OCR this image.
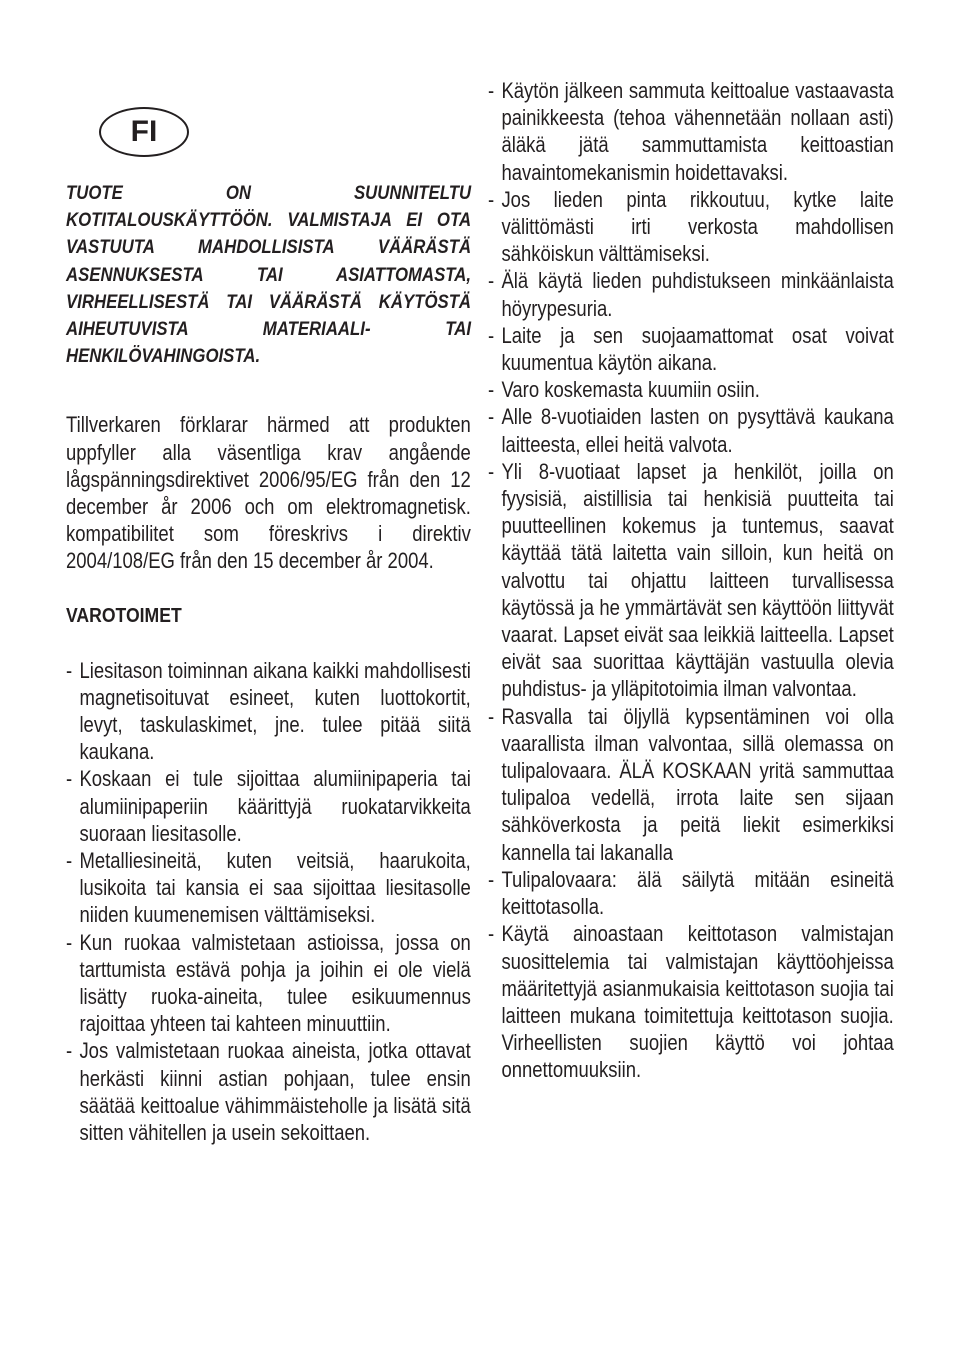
FI

TUOTE ON SUUNNITELTU KOTITALOUSKÄYTTÖÖN. VALMISTAJA EI OTA VASTUUTA MAHDOLLISISTA VÄÄRÄSTÄ ASENNUKSESTA TAI ASIATTOMASTA, VIRHEELLISESTÄ TAI VÄÄRÄSTÄ KÄYTÖSTÄ AIHEUTUVISTA MATERIAALI- TAI HENKILÖVAHINGOISTA.

Tillverkaren förklarar härmed att produkten uppfyller alla väsentliga krav angående lågspänningsdirektivet 2006/95/EG från den 12 december år 2006 och om elektromagnetisk. kompatibilitet som föreskrivs i direktiv 2004/108/EG från den 15 december år 2004.

VAROTOIMET
- Liesitason toiminnan aikana kaikki mahdollisesti magnetisoituvat esineet, kuten luottokortit, levyt, taskulaskimet, jne. tulee pitää siitä kaukana.
- Koskaan ei tule sijoittaa alumiinipaperia tai alumiinipaperiin käärittyjä ruokatarvikkeita suoraan liesitasolle.
- Metalliesineitä, kuten veitsiä, haarukoita, lusikoita tai kansia ei saa sijoittaa liesitasolle niiden kuumenemisen välttämiseksi.
- Kun ruokaa valmistetaan astioissa, jossa on tarttumista estävä pohja ja joihin ei ole vielä lisätty ruoka-aineita, tulee esikuumennus rajoittaa yhteen tai kahteen minuuttiin.
- Jos valmistetaan ruokaa aineista, jotka ottavat herkästi kiinni astian pohjaan, tulee ensin säätää keittoalue vähimmäisteholle ja lisätä sitä sitten vähitellen ja usein sekoittaen.
- Käytön jälkeen sammuta keittoalue vastaavasta painikkeesta (tehoa vähennetään nollaan asti) äläkä jätä sammuttamista keittoastian havaintomekanismin hoidettavaksi.
- Jos lieden pinta rikkoutuu, kytke laite välittömästi irti verkosta mahdollisen sähköiskun välttämiseksi.
- Älä käytä lieden puhdistukseen minkäänlaista höyrypesuria.
- Laite ja sen suojaamattomat osat voivat kuumentua käytön aikana.
- Varo koskemasta kuumiin osiin.
- Alle 8-vuotiaiden lasten on pysyttävä kaukana laitteesta, ellei heitä valvota.
- Yli 8-vuotiaat lapset ja henkilöt, joilla on fyysisiä, aistillisia tai henkisiä puutteita tai puutteellinen kokemus ja tuntemus, saavat käyttää tätä laitetta vain silloin, kun heitä on valvottu tai ohjattu laitteen turvallisessa käytössä ja he ymmärtävät sen käyttöön liittyvät vaarat. Lapset eivät saa leikkiä laitteella. Lapset eivät saa suorittaa käyttäjän vastuulla olevia puhdistus- ja ylläpitotoimia ilman valvontaa.
- Rasvalla tai öljyllä kypsentäminen voi olla vaarallista ilman valvontaa, sillä olemassa on tulipalovaara. ÄLÄ KOSKAAN yritä sammuttaa tulipaloa vedellä, irrota laite sen sijaan sähköverkosta ja peitä liekit esimerkiksi kannella tai lakanalla
- Tulipalovaara: älä säilytä mitään esineitä keittotasolla.
- Käytä ainoastaan keittotason valmistajan suosittelemia tai valmistajan käyttöohjeissa määritettyjä asianmukaisia keittotason suojia tai laitteen mukana toimitettuja keittotason suojia. Virheellisten suojien käyttö voi johtaa onnettomuuksiin.
